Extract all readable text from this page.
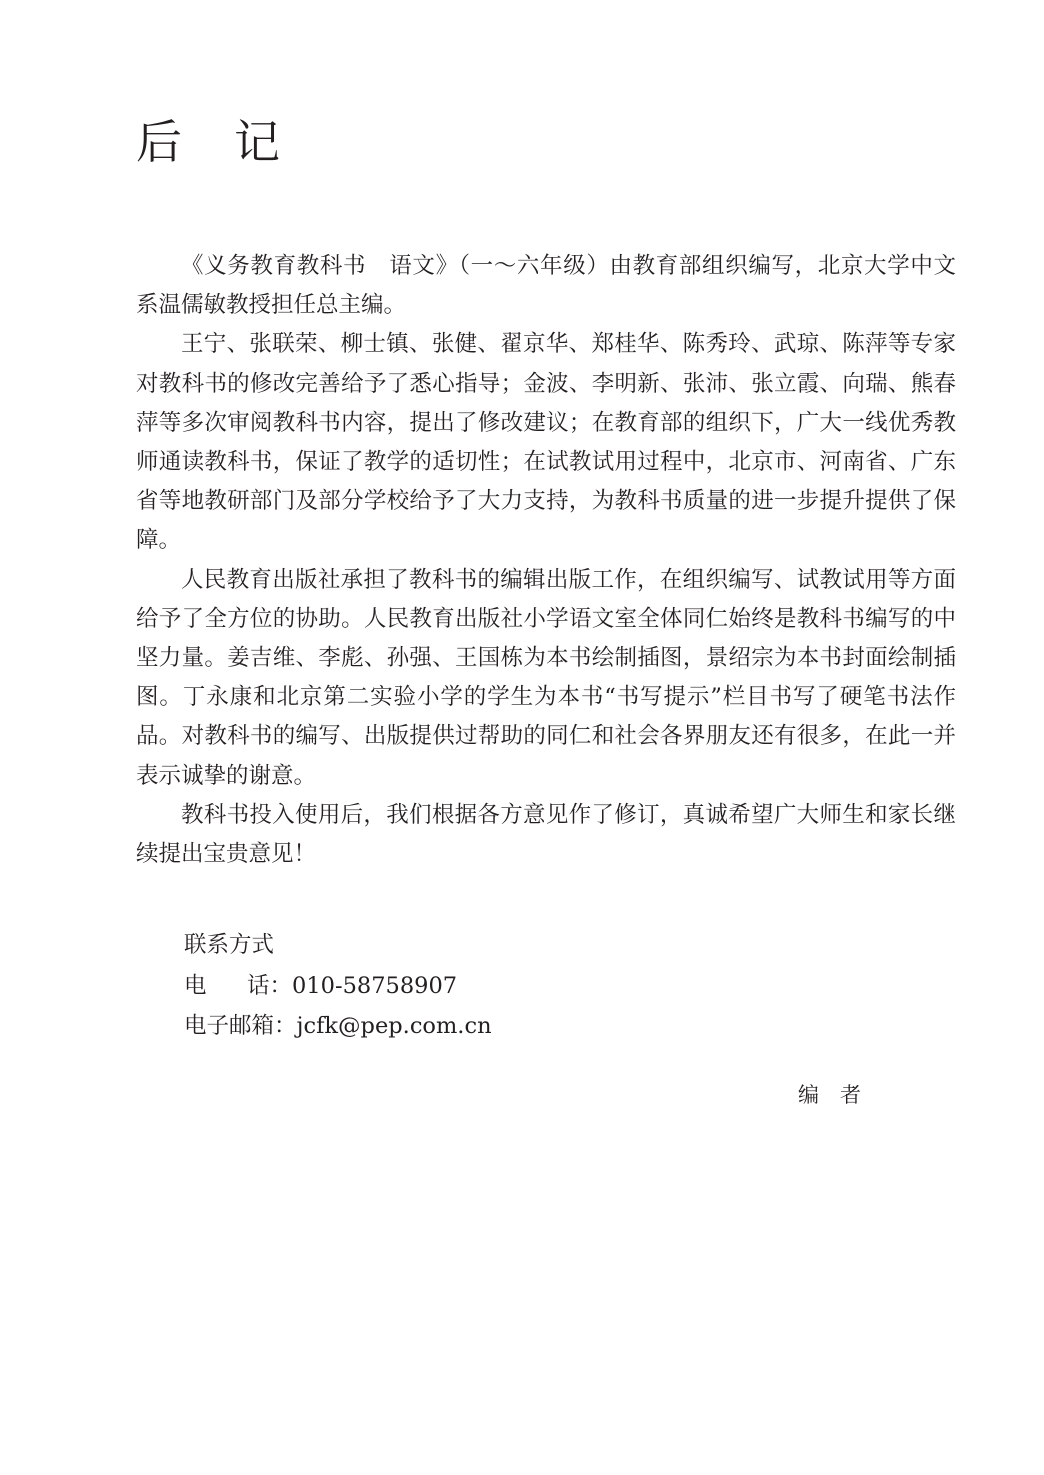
后记

《义务教育教科书　语文》（一～六年级）由教育部组织编写，北京大学中文系温儒敏教授担任总主编。

王宁、张联荣、柳士镇、张健、翟京华、郑桂华、陈秀玲、武琼、陈萍等专家对教科书的修改完善给予了悉心指导；金波、李明新、张沛、张立霞、向瑞、熊春萍等多次审阅教科书内容，提出了修改建议；在教育部的组织下，广大一线优秀教师通读教科书，保证了教学的适切性；在试教试用过程中，北京市、河南省、广东省等地教研部门及部分学校给予了大力支持，为教科书质量的进一步提升提供了保障。

人民教育出版社承担了教科书的编辑出版工作，在组织编写、试教试用等方面给予了全方位的协助。人民教育出版社小学语文室全体同仁始终是教科书编写的中坚力量。姜吉维、李彪、孙强、王国栋为本书绘制插图，景绍宗为本书封面绘制插图。丁永康和北京第二实验小学的学生为本书“书写提示”栏目书写了硬笔书法作品。对教科书的编写、出版提供过帮助的同仁和社会各界朋友还有很多，在此一并表示诚挚的谢意。

教科书投入使用后，我们根据各方意见作了修订，真诚希望广大师生和家长继续提出宝贵意见！

联系方式
电话：010-58758907
电子邮箱：jcfk@pep.com.cn
编者
